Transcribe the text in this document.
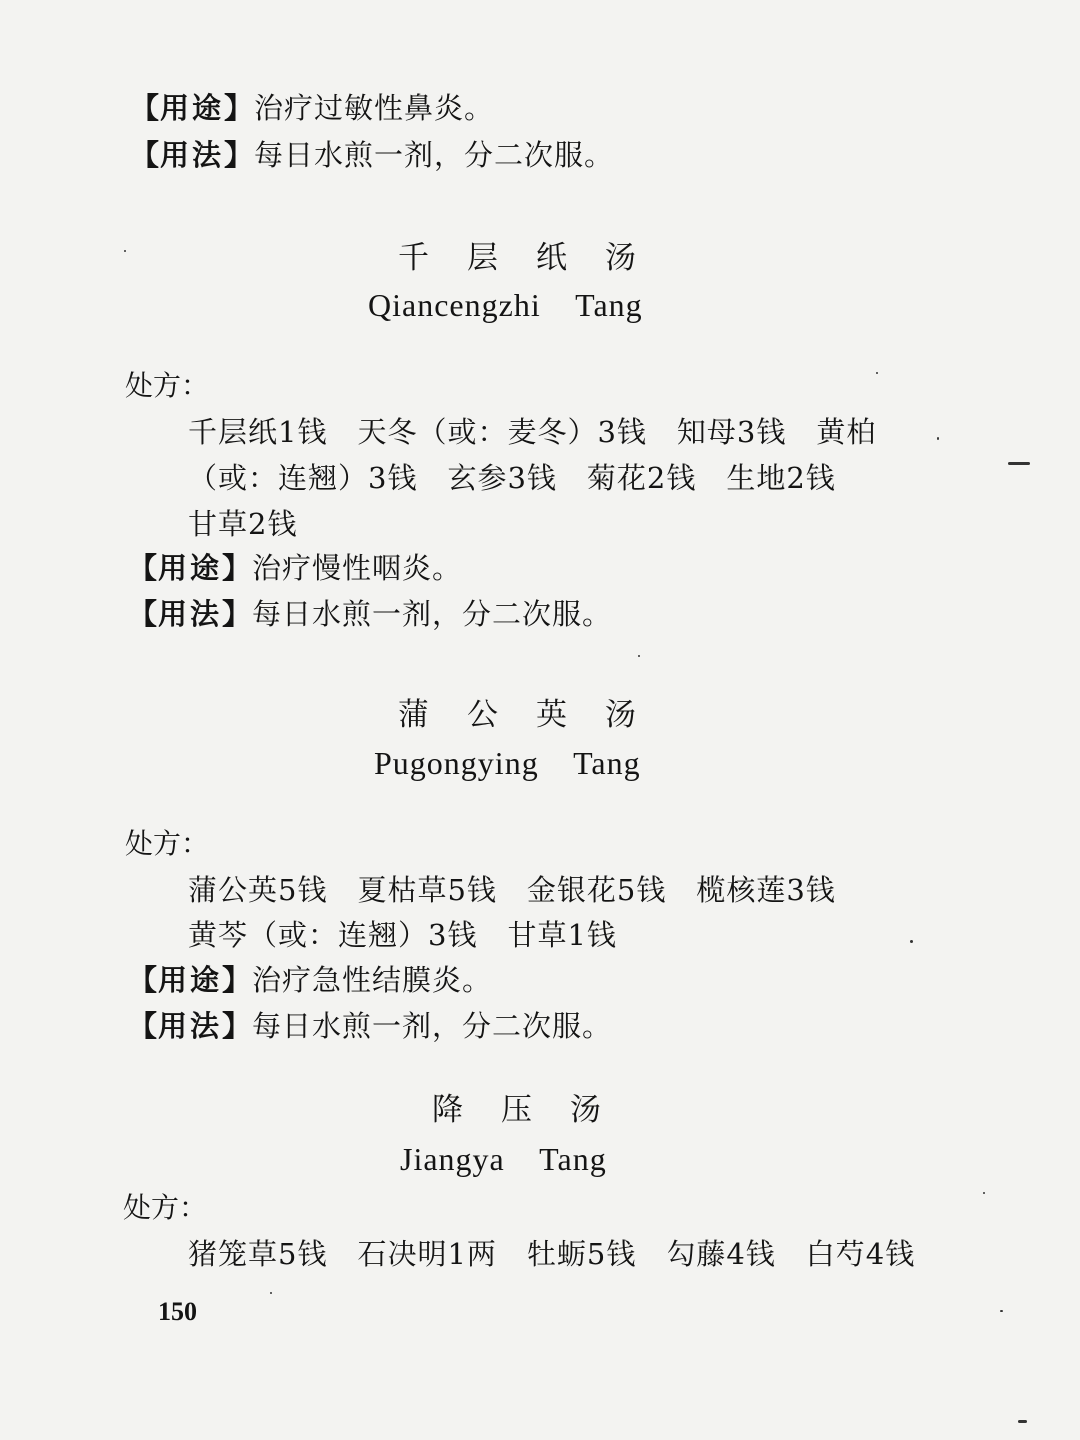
【用途】治疗过敏性鼻炎。
【用法】每日水煎一剂，分二次服。
千层纸汤
Qiancengzhi Tang
处方：
千层纸1钱　天冬（或：麦冬）3钱　知母3钱　黄柏
（或：连翘）3钱　玄参3钱　菊花2钱　生地2钱
甘草2钱
【用途】治疗慢性咽炎。
【用法】每日水煎一剂，分二次服。
蒲公英汤
Pugongying Tang
处方：
蒲公英5钱　夏枯草5钱　金银花5钱　榄核莲3钱
黄芩（或：连翘）3钱　甘草1钱
【用途】治疗急性结膜炎。
【用法】每日水煎一剂，分二次服。
降压汤
Jiangya Tang
处方：
猪笼草5钱　石决明1两　牡蛎5钱　勾藤4钱　白芍4钱
150
